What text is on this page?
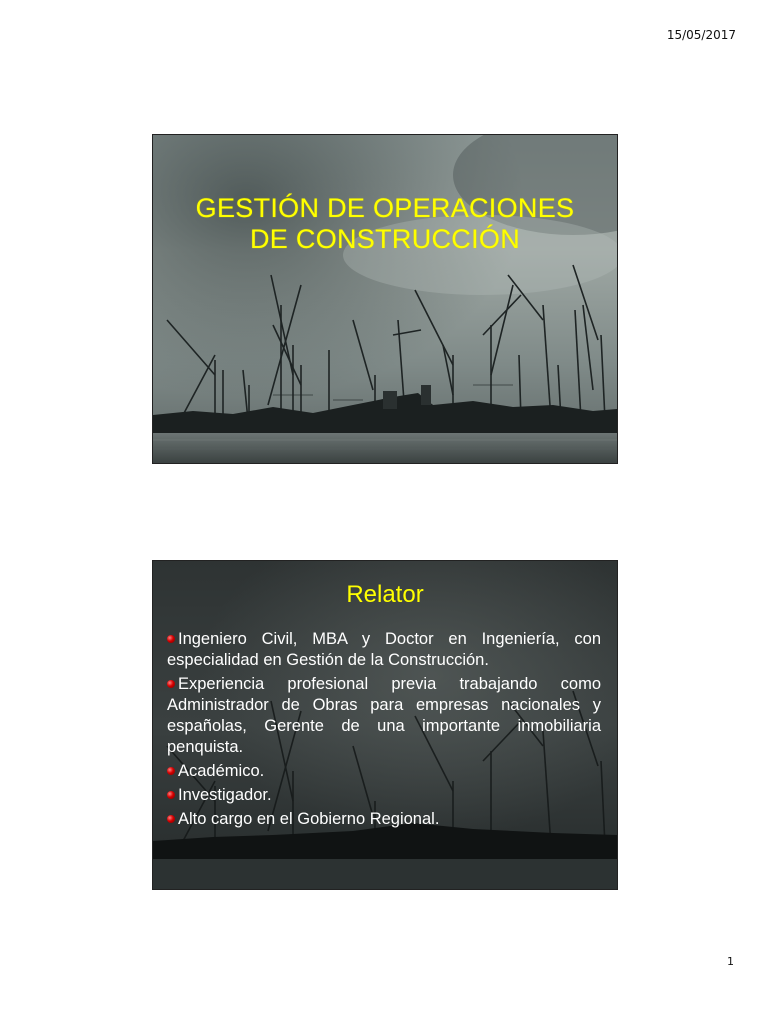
15/05/2017
GESTIÓN DE OPERACIONES
DE CONSTRUCCIÓN
Relator
Ingeniero Civil, MBA y Doctor en Ingeniería, con especialidad en Gestión de la Construcción.
Experiencia profesional previa trabajando como Administrador de Obras para empresas nacionales y españolas, Gerente de una importante inmobiliaria penquista.
Académico.
Investigador.
Alto cargo en el Gobierno Regional.
1
